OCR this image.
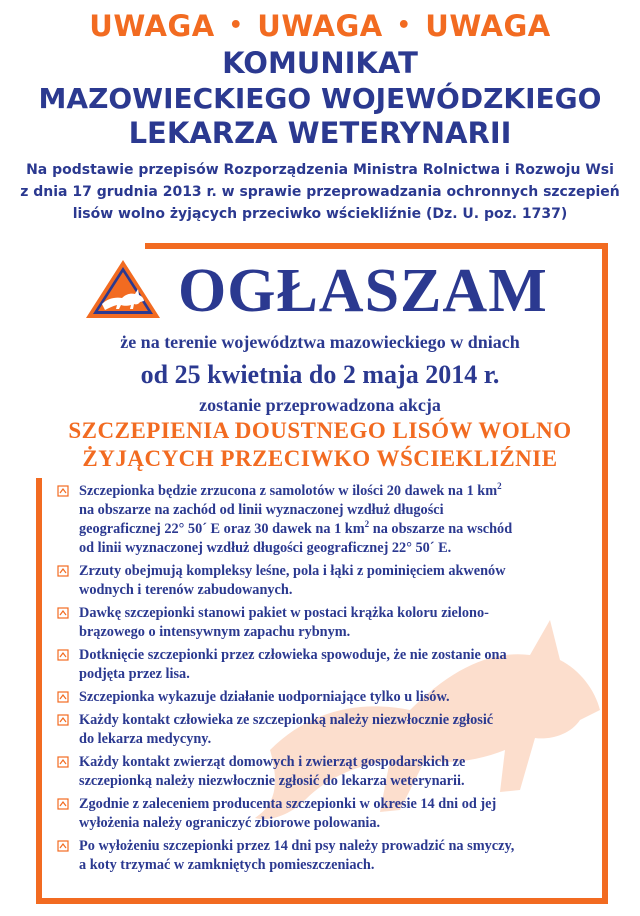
UWAGA • UWAGA • UWAGA
KOMUNIKAT
MAZOWIECKIEGO WOJEWÓDZKIEGO
LEKARZA WETERYNARII
Na podstawie przepisów Rozporządzenia Ministra Rolnictwa i Rozwoju Wsi
z dnia 17 grudnia 2013 r. w sprawie przeprowadzania ochronnych szczepień
lisów wolno żyjących przeciwko wściekliźnie (Dz. U. poz. 1737)
OGŁASZAM
że na terenie województwa mazowieckiego w dniach
od 25 kwietnia do 2 maja 2014 r.
zostanie przeprowadzona akcja
SZCZEPIENIA DOUSTNEGO LISÓW WOLNO
ŻYJĄCYCH PRZECIWKO WŚCIEKLIŹNIE
Szczepionka będzie zrzucona z samolotów w ilości 20 dawek na 1 $km^2$
na obszarze na zachód od linii wyznaczonej wzdłuż długości
geograficznej 22° 50´ E oraz 30 dawek na 1 $km^2$ na obszarze na wschód
od linii wyznaczonej wzdłuż długości geograficznej 22° 50´ E.
Zrzuty obejmują kompleksy leśne, pola i łąki z pominięciem akwenów
wodnych i terenów zabudowanych.
Dawkę szczepionki stanowi pakiet w postaci krążka koloru zielono-
brązowego o intensywnym zapachu rybnym.
Dotknięcie szczepionki przez człowieka spowoduje, że nie zostanie ona
podjęta przez lisa.
Szczepionka wykazuje działanie uodporniające tylko u lisów.
Każdy kontakt człowieka ze szczepionką należy niezwłocznie zgłosić
do lekarza medycyny.
Każdy kontakt zwierząt domowych i zwierząt gospodarskich ze
szczepionką należy niezwłocznie zgłosić do lekarza weterynarii.
Zgodnie z zaleceniem producenta szczepionki w okresie 14 dni od jej
wyłożenia należy ograniczyć zbiorowe polowania.
Po wyłożeniu szczepionki przez 14 dni psy należy prowadzić na smyczy,
a koty trzymać w zamkniętych pomieszczeniach.
